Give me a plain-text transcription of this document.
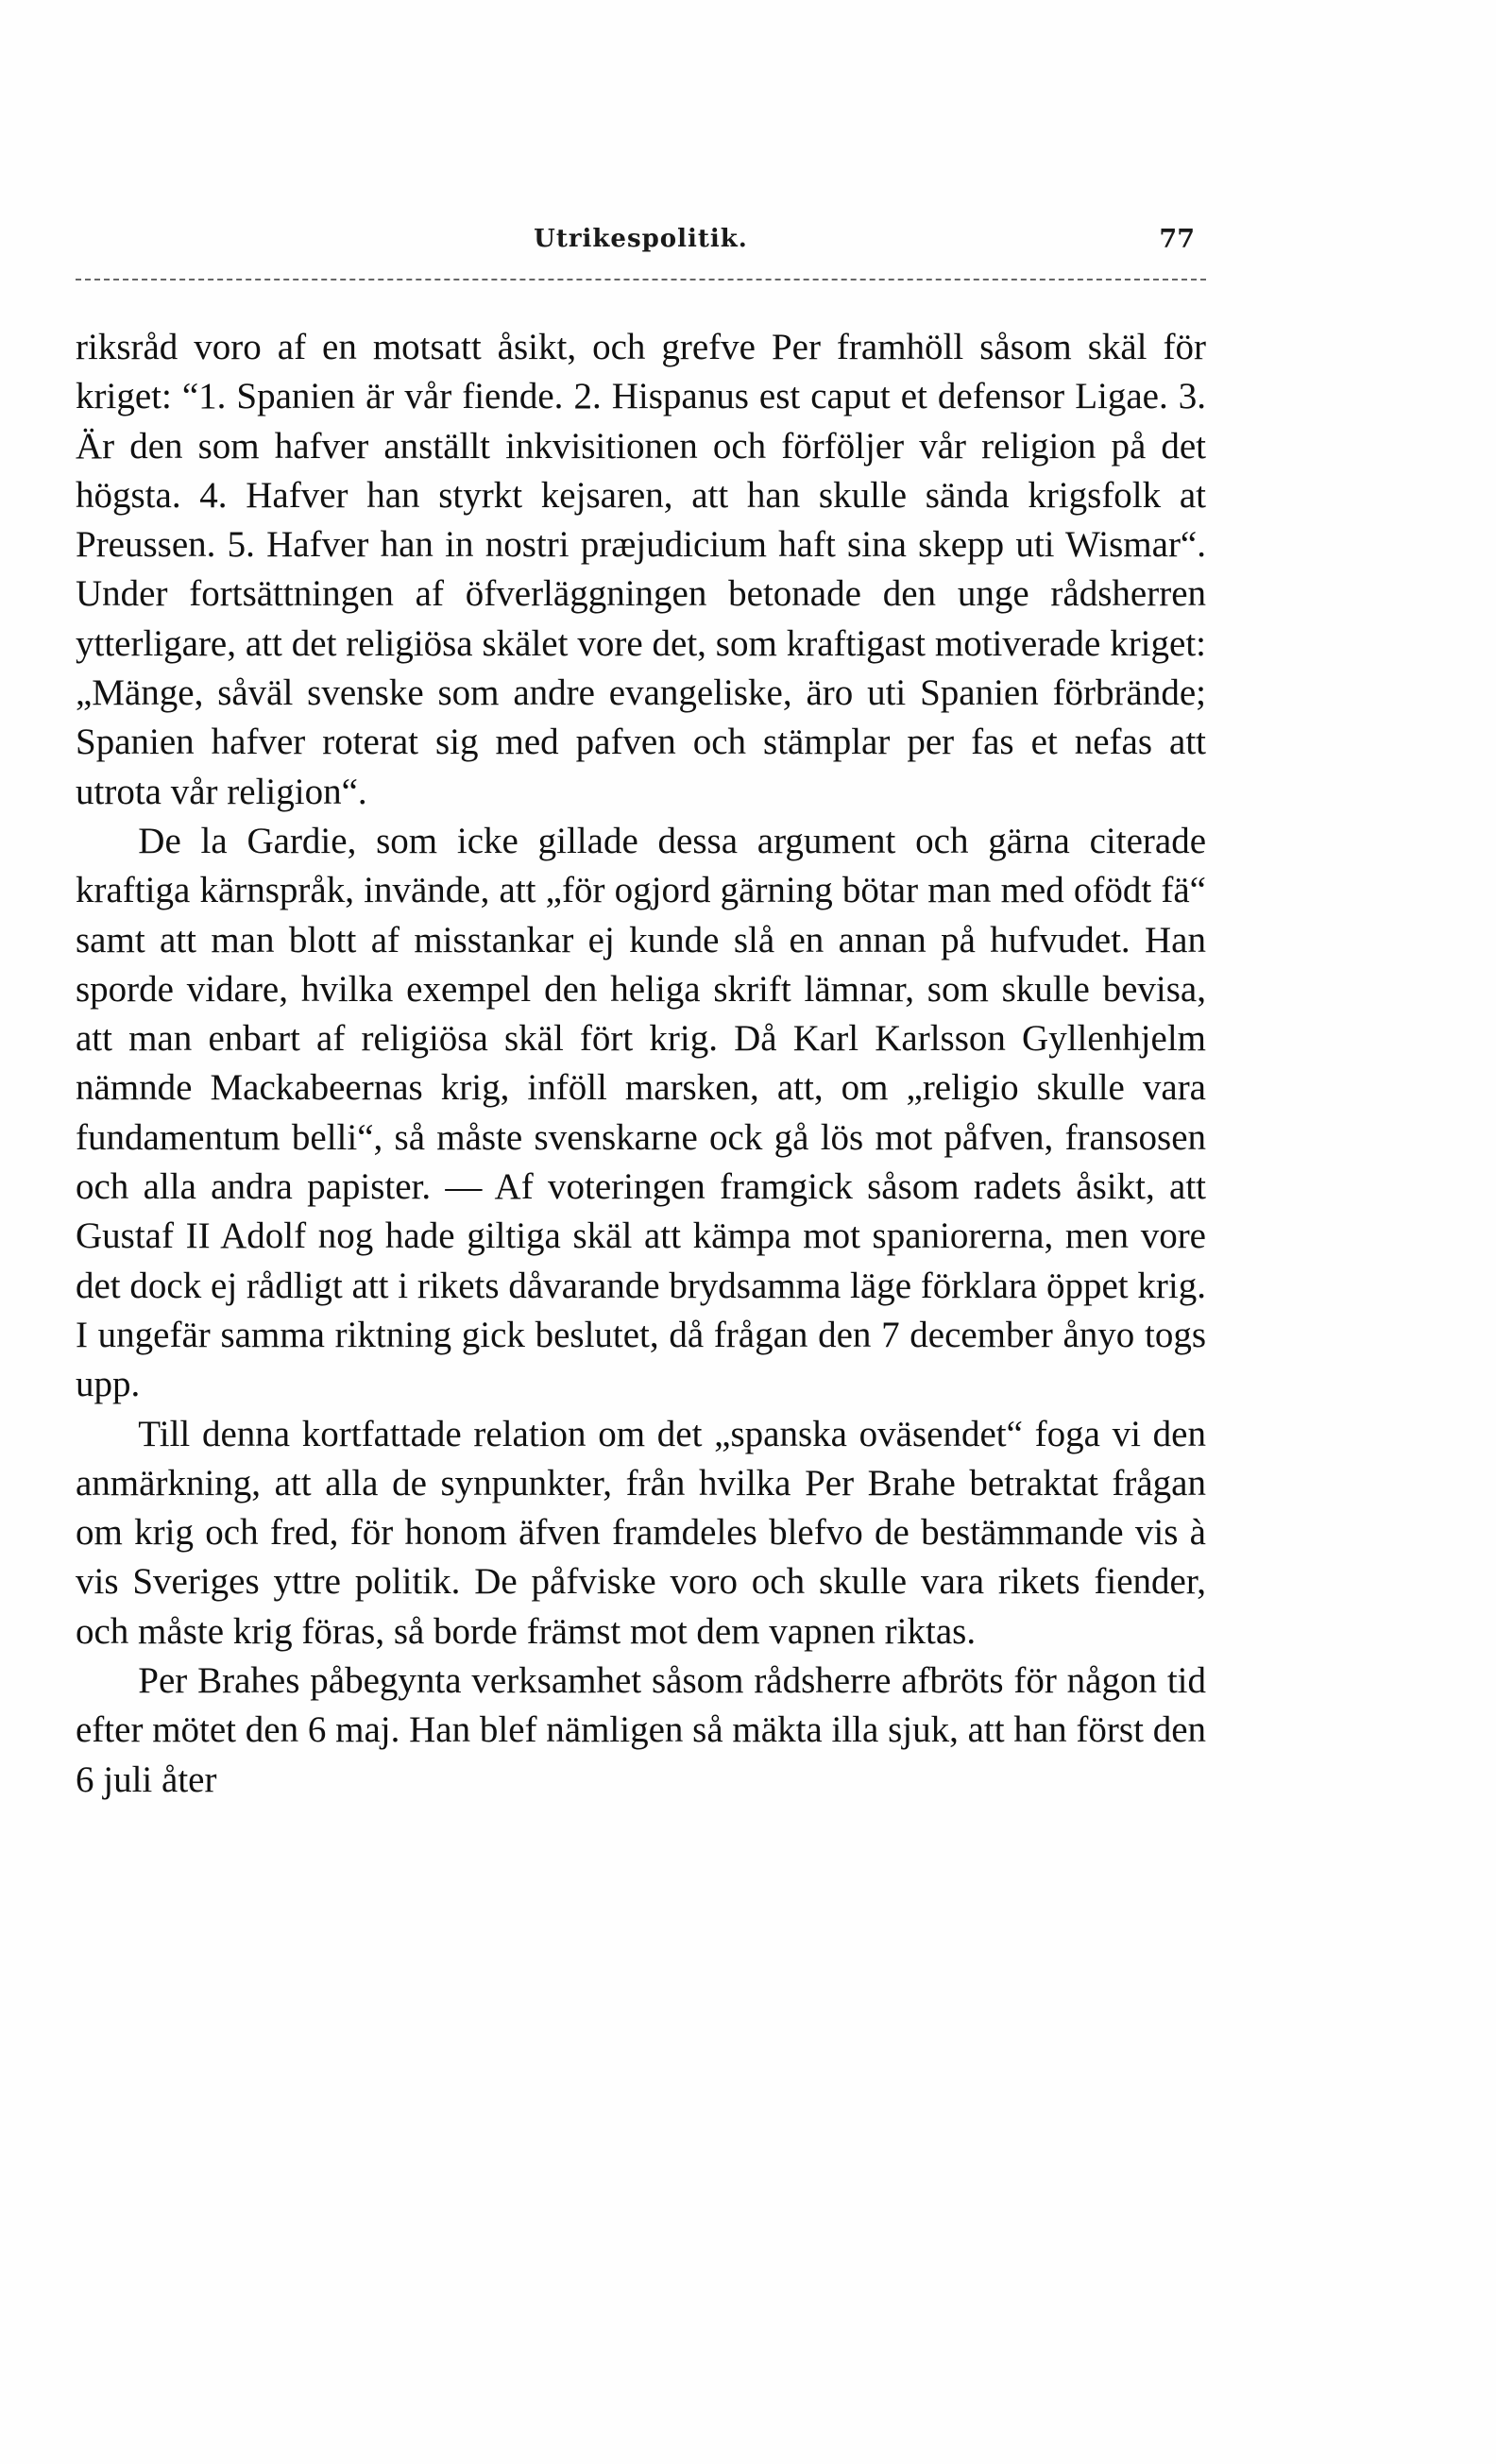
Utrikespolitik.	77

riksråd voro af en motsatt åsikt, och grefve Per framhöll såsom skäl för kriget: “1. Spanien är vår fiende. 2. Hispanus est caput et defensor Ligae. 3. Är den som hafver anställt inkvisitionen och förföljer vår religion på det högsta. 4. Hafver han styrkt kejsaren, att han skulle sända krigsfolk at Preussen. 5. Hafver han in nostri præjudicium haft sina skepp uti Wismar“. Under fortsättningen af öfverläggningen betonade den unge rådsherren ytterligare, att det religiösa skälet vore det, som kraftigast motiverade kriget: „Mänge, såväl svenske som andre evangeliske, äro uti Spanien förbrände; Spanien hafver roterat sig med pafven och stämplar per fas et nefas att utrota vår religion“.

De la Gardie, som icke gillade dessa argument och gärna citerade kraftiga kärnspråk, invände, att „för ogjord gärning bötar man med ofödt fä“ samt att man blott af misstankar ej kunde slå en annan på hufvudet. Han sporde vidare, hvilka exempel den heliga skrift lämnar, som skulle bevisa, att man enbart af religiösa skäl fört krig. Då Karl Karlsson Gyllenhjelm nämnde Mackabeernas krig, inföll marsken, att, om „religio skulle vara fundamentum belli“, så måste svenskarne ock gå lös mot påfven, fransosen och alla andra papister. — Af voteringen framgick såsom radets åsikt, att Gustaf II Adolf nog hade giltiga skäl att kämpa mot spaniorerna, men vore det dock ej rådligt att i rikets dåvarande brydsamma läge förklara öppet krig. I ungefär samma riktning gick beslutet, då frågan den 7 december ånyo togs upp.

Till denna kortfattade relation om det „spanska oväsendet“ foga vi den anmärkning, att alla de synpunkter, från hvilka Per Brahe betraktat frågan om krig och fred, för honom äfven framdeles blefvo de bestämmande vis à vis Sveriges yttre politik. De påfviske voro och skulle vara rikets fiender, och måste krig föras, så borde främst mot dem vapnen riktas.

Per Brahes påbegynta verksamhet såsom rådsherre afbröts för någon tid efter mötet den 6 maj. Han blef nämligen så mäkta illa sjuk, att han först den 6 juli åter
